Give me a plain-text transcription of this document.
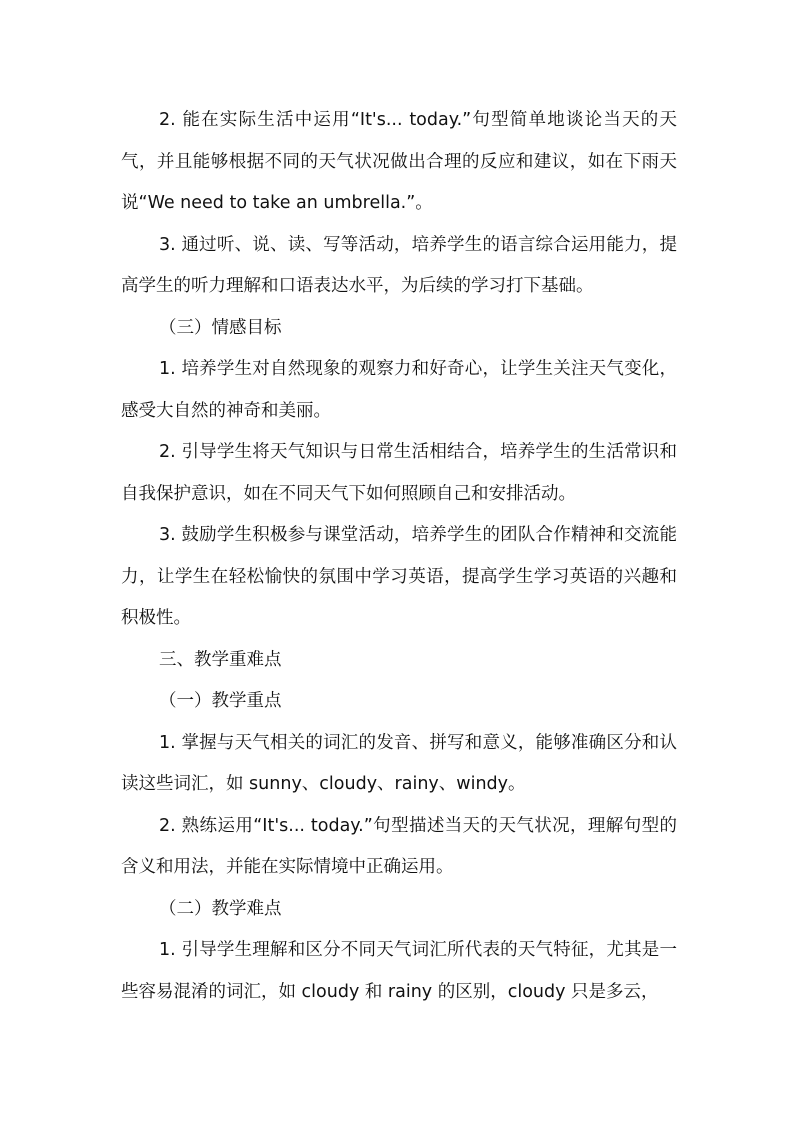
2. 能在实际生活中运用“It's... today.”句型简单地谈论当天的天气，并且能够根据不同的天气状况做出合理的反应和建议，如在下雨天说“We need to take an umbrella.”。

3. 通过听、说、读、写等活动，培养学生的语言综合运用能力，提高学生的听力理解和口语表达水平，为后续的学习打下基础。

（三）情感目标

1. 培养学生对自然现象的观察力和好奇心，让学生关注天气变化，感受大自然的神奇和美丽。

2. 引导学生将天气知识与日常生活相结合，培养学生的生活常识和自我保护意识，如在不同天气下如何照顾自己和安排活动。

3. 鼓励学生积极参与课堂活动，培养学生的团队合作精神和交流能力，让学生在轻松愉快的氛围中学习英语，提高学生学习英语的兴趣和积极性。

三、教学重难点

（一）教学重点

1. 掌握与天气相关的词汇的发音、拼写和意义，能够准确区分和认读这些词汇，如 sunny、cloudy、rainy、windy。

2. 熟练运用“It's... today.”句型描述当天的天气状况，理解句型的含义和用法，并能在实际情境中正确运用。

（二）教学难点

1. 引导学生理解和区分不同天气词汇所代表的天气特征，尤其是一些容易混淆的词汇，如 cloudy 和 rainy 的区别，cloudy 只是多云，
